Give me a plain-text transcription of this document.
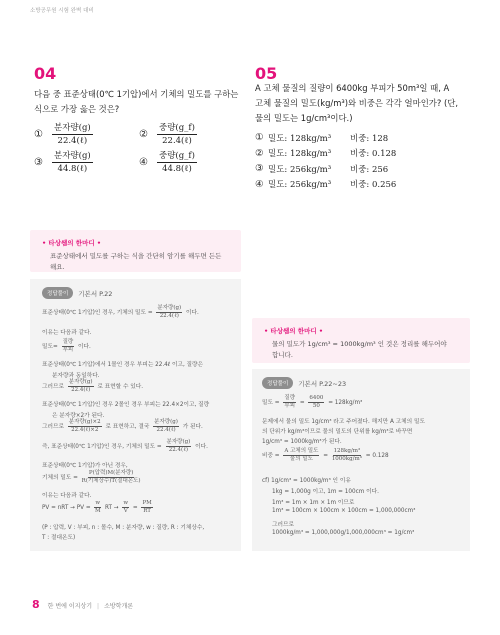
소방공무원 시험 완벽 대비
04
다음 중 표준상태(0℃ 1기압)에서 기체의 밀도를 구하는
식으로 가장 옳은 것은?
①	$\frac{\text{분자량(g)}}{\text{22.4(ℓ)}}$	②	$\frac{\text{중량(g\_f)}}{\text{22.4(ℓ)}}$
③	$\frac{\text{분자량(g)}}{\text{44.8(ℓ)}}$	④	$\frac{\text{중량(g\_f)}}{\text{44.8(ℓ)}}$
05
A 고체 물질의 질량이 6400kg 부피가 50m³일 때, A
고체 물질의 밀도(kg/m³)와 비중은 각각 얼마인가? (단,
물의 밀도는 1g/cm³이다.)
① 밀도: 128kg/m³	비중: 128
② 밀도: 128kg/m³	비중: 0.128
③ 밀도: 256kg/m³	비중: 256
④ 밀도: 256kg/m³	비중: 0.256
• 타상쌤의 한마디 •
표준상태에서 밀도를 구하는 식을 간단히 암기를 해두면 든든
해요.
정답풀이	기본서 P.22
표준상태(0℃ 1기압)인 경우, 기체의 밀도 =
분자량(g)
22.4(ℓ) 이다.
이유는 다음과 같다.
밀도=
질량
부피 이다.
표준상태(0℃ 1기압)에서 1몰인 경우 부피는 22.4ℓ 이고, 질량은
분자량과 동일하다.
그러므로
분자량(g)
22.4(ℓ) 로 표현할 수 있다.
표준상태(0℃ 1기압)인 경우 2몰인 경우 부피는 22.4×2이고, 질량
은 분자량×2가 된다.
그러므로
분자량(g)×2
22.4(ℓ)×2 로 표현하고, 결국
분자량(g)
22.4(ℓ) 가 된다.
즉, 표준상태(0℃ 1기압)인 경우, 기체의 밀도 =
분자량(g)
22.4(ℓ) 이다.
표준상태(0℃ 1기압)가 아닌 경우,
기체의 밀도 =
P(압력)M(분자량)
R(기체상수)T(절대온도)
이유는 다음과 같다.
PV = nRT → PV = $\frac{w}{M}$ RT → $\frac{w}{V} = \frac{PM}{RT}$
(P : 압력, V : 부피, n : 몰수, M : 분자량, w : 질량, R : 기체상수,
T : 절대온도)
• 타상쌤의 한마디 •
물의 밀도가 1g/cm³ = 1000kg/m³ 인 것은 정리를 해두어야
합니다.
정답풀이	기본서 P.22~23
밀도 =
질량
부피 = $\frac{6400}{50} = 128kg/m^3$
문제에서 물의 밀도 1g/cm³ 라고 주어졌다. 해지만 A 고체의 밀도
의 단위가 kg/m³이므로 물의 밀도의 단위를 kg/m³로 바꾸면
1g/cm³ = 1000kg/m³가 된다.
비중 =
A 고체의 밀도
물의 밀도 = $\frac{\text{128kg/m³}}{\text{1000kg/m³}} = 0.128$
cf) 1g/cm³ = 1000kg/m³ 인 이유
1kg = 1,000g 이고, 1m = 100cm 이다.
1m³ = 1m × 1m × 1m 이므로
1m³ = 100cm × 100cm × 100cm = 1,000,000cm³
그러므로
1000kg/m³ = 1,000,000g/1,000,000cm³ = 1g/cm³
8 한 번에 이지상기 | 소방학개론
